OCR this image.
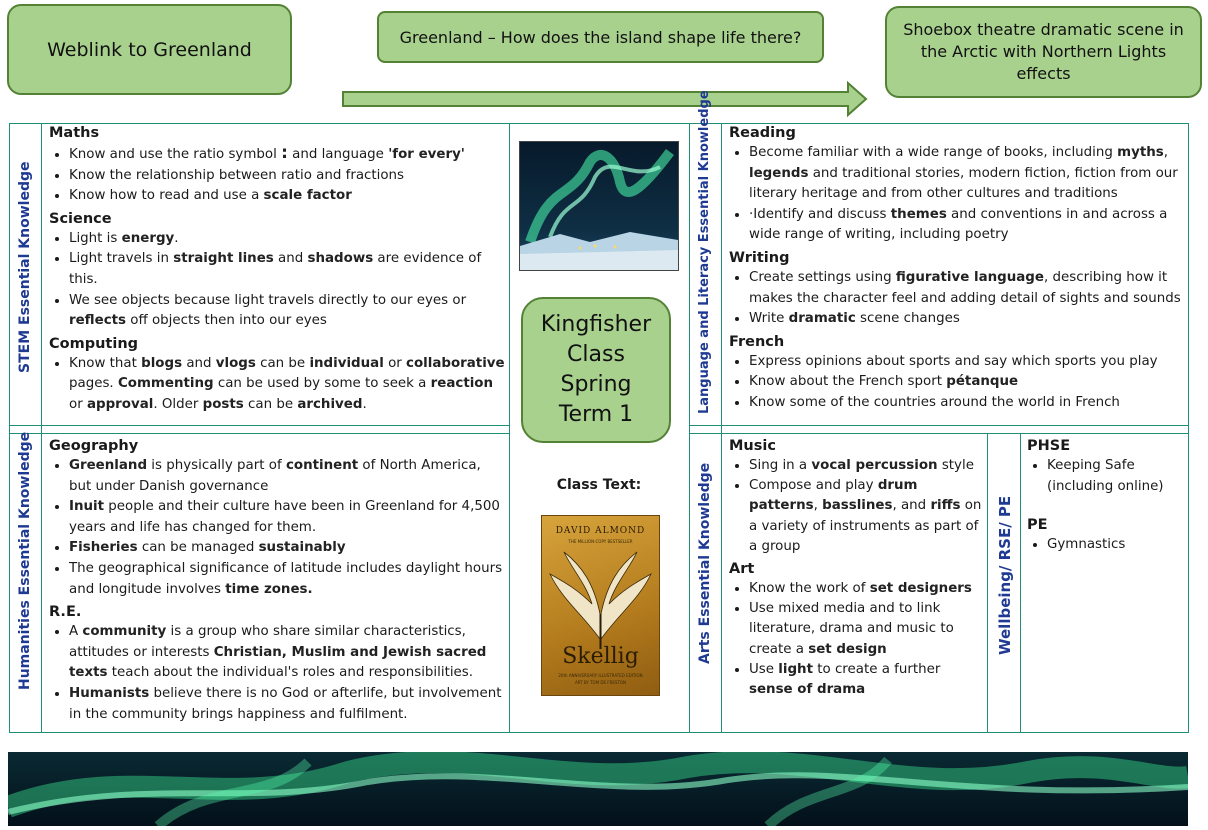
Weblink to Greenland
Greenland – How does the island shape life there?	Shoebox theatre dramatic scene in the Arctic with Northern Lights effects
STEM Essential Knowledge
Humanities Essential Knowledge
Language and Literacy Essential Knowledge
Arts Essential Knowledge	Wellbeing/ RSE/ PE
Maths
• Know and use the ratio symbol : and language 'for every'
• Know the relationship between ratio and fractions
• Know how to read and use a scale factor
Science
• Light is energy.
• Light travels in straight lines and shadows are evidence of this.
• We see objects because light travels directly to our eyes or reflects off objects then into our eyes
Computing
• Know that blogs and vlogs can be individual or collaborative pages. Commenting can be used by some to seek a reaction or approval. Older posts can be archived.
Geography
• Greenland is physically part of continent of North America, but under Danish governance
• Inuit people and their culture have been in Greenland for 4,500 years and life has changed for them.
• Fisheries can be managed sustainably
• The geographical significance of latitude includes daylight hours and longitude involves time zones.
R.E.
• A community is a group who share similar characteristics, attitudes or interests Christian, Muslim and Jewish sacred texts teach about the individual's roles and responsibilities.
• Humanists believe there is no God or afterlife, but involvement in the community brings happiness and fulfilment.
Kingfisher
Class
Spring
Term 1
Class Text:
DAVID ALMOND
THE MILLION-COPY BESTSELLER
Skellig
20th ANNIVERSARY ILLUSTRATED EDITION
ART BY TOM DE FRESTON
Reading
• Become familiar with a wide range of books, including myths, legends and traditional stories, modern fiction, fiction from our literary heritage and from other cultures and traditions
• ·Identify and discuss themes and conventions in and across a wide range of writing, including poetry
Writing
• Create settings using figurative language, describing how it makes the character feel and adding detail of sights and sounds
• Write dramatic scene changes
French
• Express opinions about sports and say which sports you play
• Know about the French sport pétanque
• Know some of the countries around the world in French
Music
• Sing in a vocal percussion style
• Compose and play drum patterns, basslines, and riffs on a variety of instruments as part of a group
Art
• Know the work of set designers
• Use mixed media and to link literature, drama and music to create a set design
• Use light to create a further sense of drama
PHSE
• Keeping Safe (including online)
PE
• Gymnastics
